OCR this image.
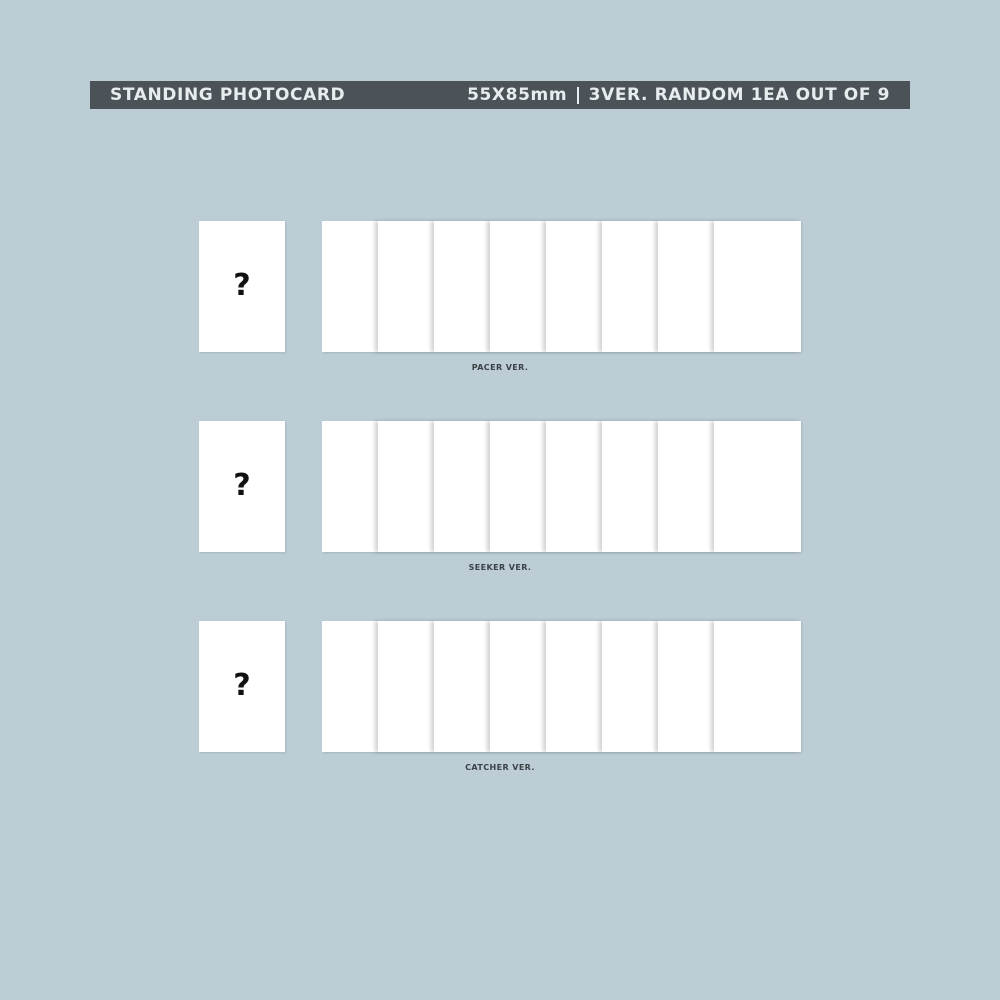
STANDING PHOTOCARD	55X85mm 3VER. RANDOM 1EA OUT OF 9
?
PACER VER.
?
SEEKER VER.
?
CATCHER VER.
